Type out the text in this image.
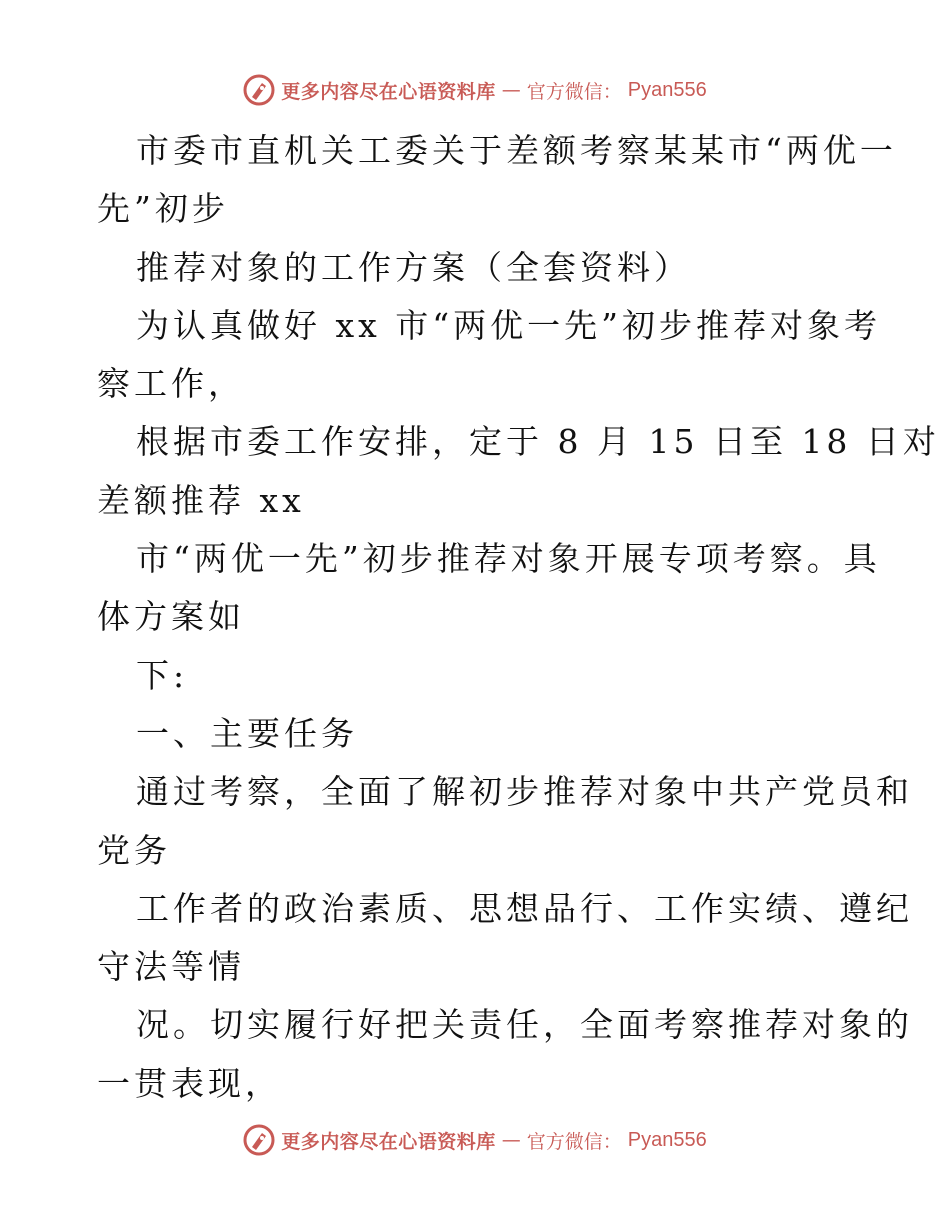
更多内容尽在心语资料库 — 官方微信： Pyan556
市委市直机关工委关于差额考察某某市“两优一
先”初步
推荐对象的工作方案（全套资料）
为认真做好 xx 市“两优一先”初步推荐对象考
察工作，
根据市委工作安排，定于 8 月 15 日至 18 日对
差额推荐 xx
市“两优一先”初步推荐对象开展专项考察。具
体方案如
下:
一、主要任务
通过考察，全面了解初步推荐对象中共产党员和
党务
工作者的政治素质、思想品行、工作实绩、遵纪
守法等情
况。切实履行好把关责任，全面考察推荐对象的
一贯表现，
更多内容尽在心语资料库 — 官方微信： Pyan556
